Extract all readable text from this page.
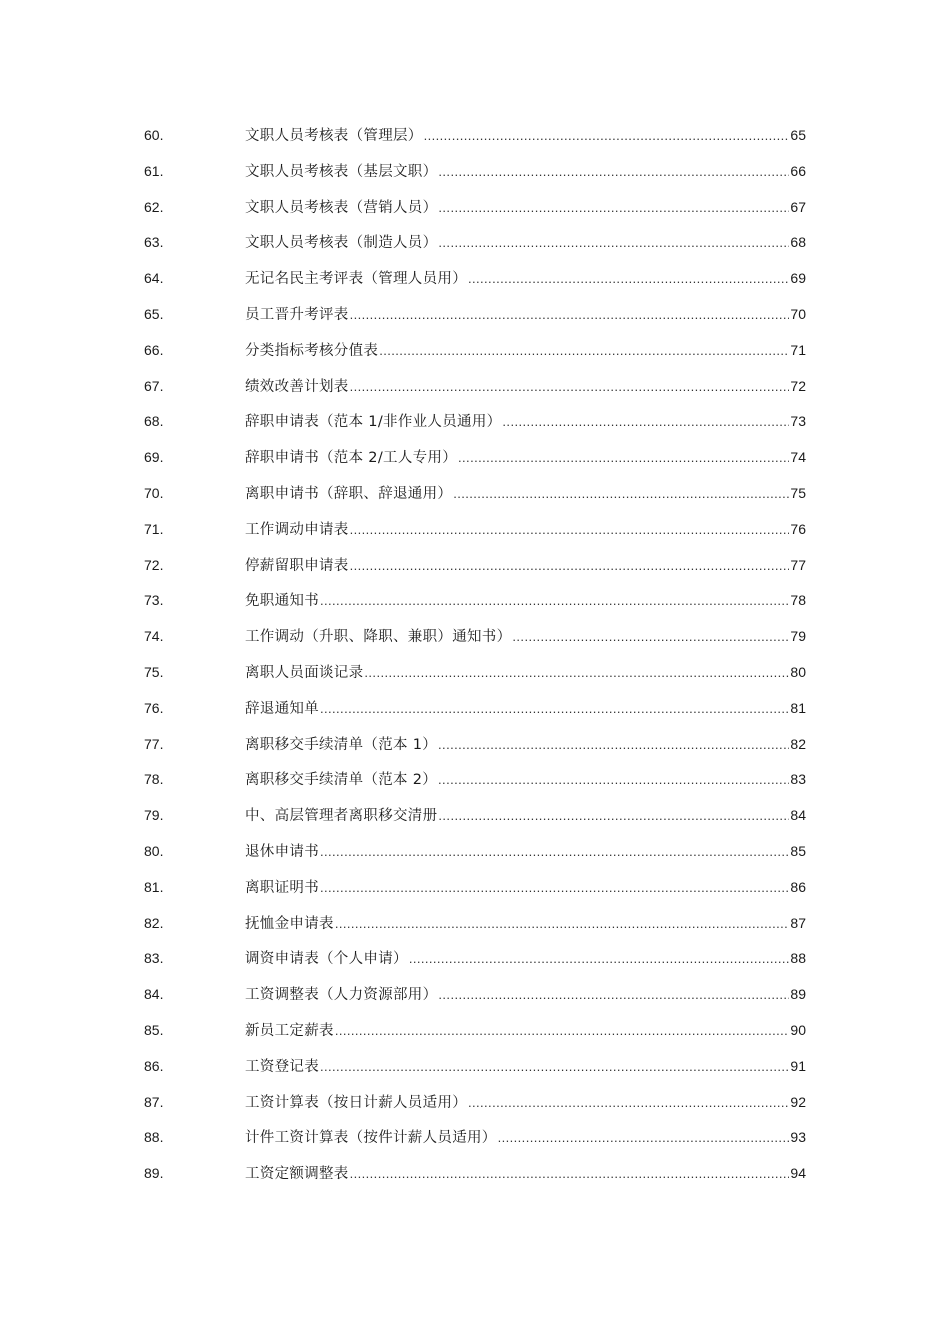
60.	文职人员考核表（管理层） .....	65
61.	文职人员考核表（基层文职） .....	66
62.	文职人员考核表（营销人员） .....	67
63.	文职人员考核表（制造人员） .....	68
64.	无记名民主考评表（管理人员用） .....	69
65.	员工晋升考评表 .....	70
66.	分类指标考核分值表 .....	71
67.	绩效改善计划表 .....	72
68.	辞职申请表（范本 1/非作业人员通用） .....	73
69.	辞职申请书（范本 2/工人专用） .....	74
70.	离职申请书（辞职、辞退通用） .....	75
71.	工作调动申请表 .....	76
72.	停薪留职申请表 .....	77
73.	免职通知书 .....	78
74.	工作调动（升职、降职、兼职）通知书） .....	79
75.	离职人员面谈记录 .....	80
76.	辞退通知单 .....	81
77.	离职移交手续清单（范本 1） .....	82
78.	离职移交手续清单（范本 2） .....	83
79.	中、高层管理者离职移交清册 .....	84
80.	退休申请书 .....	85
81.	离职证明书 .....	86
82.	抚恤金申请表 .....	87
83.	调资申请表（个人申请） .....	88
84.	工资调整表（人力资源部用） .....	89
85.	新员工定薪表 .....	90
86.	工资登记表 .....	91
87.	工资计算表（按日计薪人员适用） .....	92
88.	计件工资计算表（按件计薪人员适用） .....	93
89.	工资定额调整表 .....	94
